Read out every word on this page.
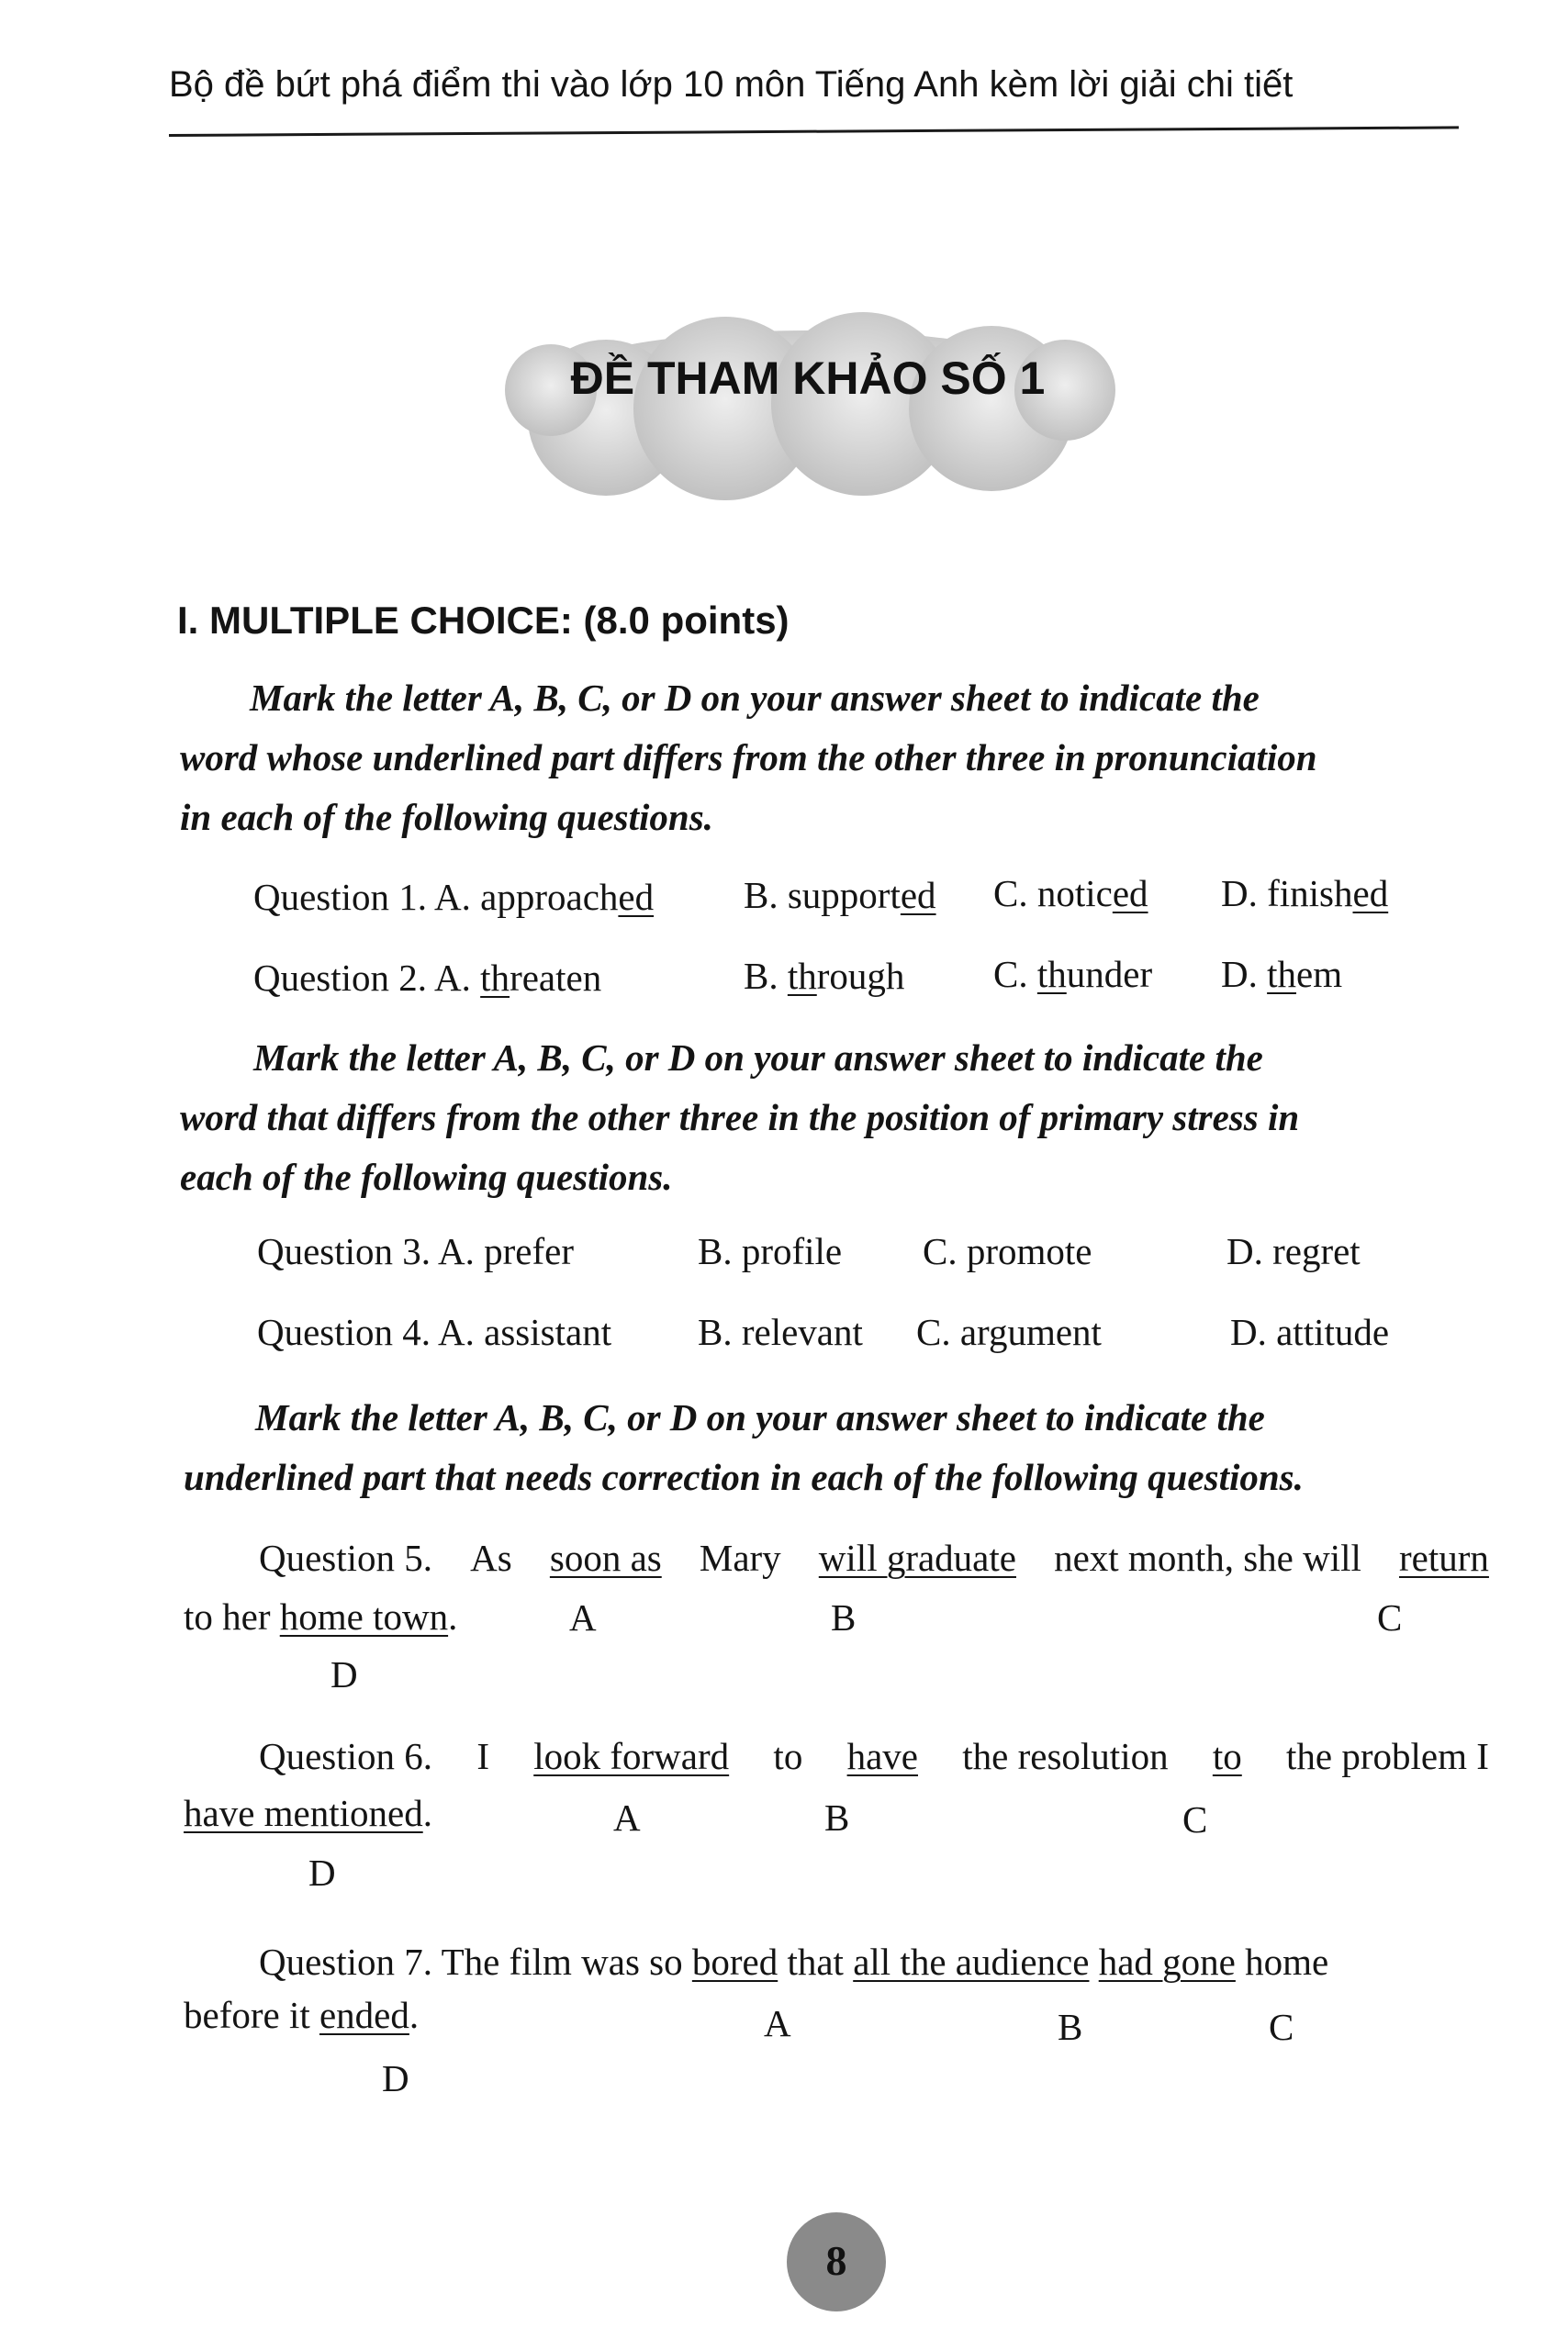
Bộ đề bứt phá điểm thi vào lớp 10 môn Tiếng Anh kèm lời giải chi tiết
ĐỀ THAM KHẢO SỐ 1
I. MULTIPLE CHOICE: (8.0 points)
Mark the letter A, B, C, or D on your answer sheet to indicate the
word whose underlined part differs from the other three in pronunciation
in each of the following questions.
Question 1. A. approached B. supported C. noticed D. finished
Question 2. A. threaten	B. through C. thunder D. them
Mark the letter A, B, C, or D on your answer sheet to indicate the
word that differs from the other three in the position of primary stress in
each of the following questions.
Question 3. A. prefer	B. profile C. promote	D. regret
Question 4. A. assistant B. relevant C. argument	D. attitude
Mark the letter A, B, C, or D on your answer sheet to indicate the
underlined part that needs correction in each of the following questions.
Question 5. As soon as Mary will graduate next month, she will return
to her home town.	A	B	C
D
Question 6. I look forward to have the resolution to the problem I
have mentioned.	A	B	C
D
Question 7. The film was so bored that all the audience had gone home
before it ended.	A	B	C
D
8
